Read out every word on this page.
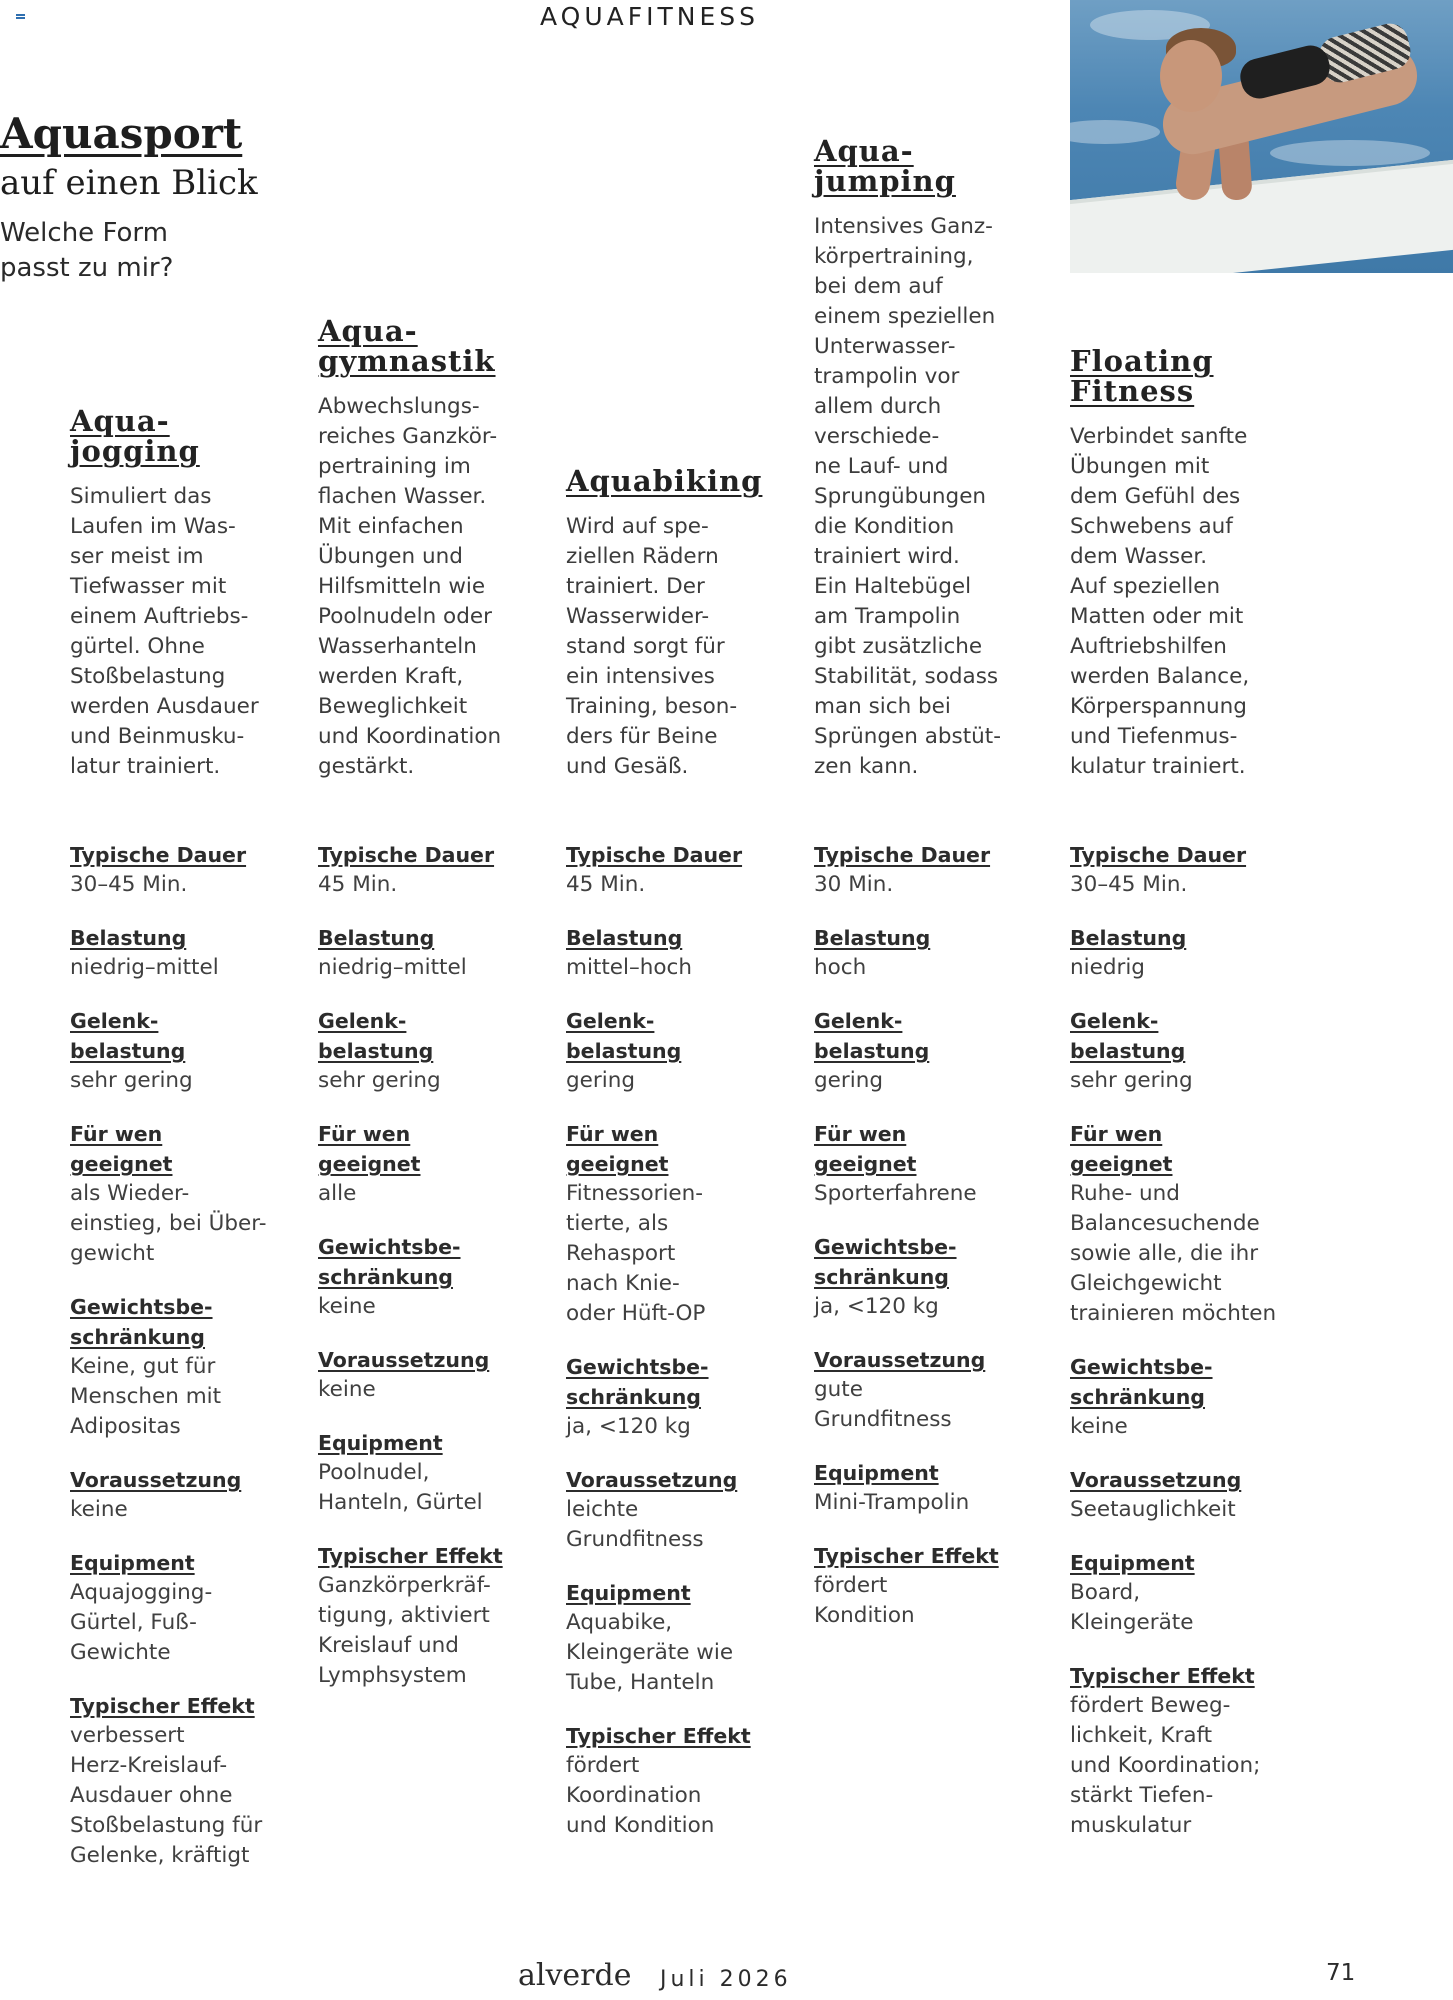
AQUAFITNESS
Aquasport
auf einen Blick
Welche Form
passt zu mir?
Aqua-
jogging
Simuliert das
Laufen im Was-
ser meist im
Tiefwasser mit
einem Auftriebs-
gürtel. Ohne
Stoßbelastung
werden Ausdauer
und Beinmusku-
latur trainiert.
Aqua-
gymnastik
Abwechslungs-
reiches Ganzkör-
pertraining im
flachen Wasser.
Mit einfachen
Übungen und
Hilfsmitteln wie
Poolnudeln oder
Wasserhanteln
werden Kraft,
Beweglichkeit
und Koordination
gestärkt.
Aquabiking
Wird auf spe-
ziellen Rädern
trainiert. Der
Wasserwider-
stand sorgt für
ein intensives
Training, beson-
ders für Beine
und Gesäß.
Aqua-
jumping
Intensives Ganz-
körpertraining,
bei dem auf
einem speziellen
Unterwasser-
trampolin vor
allem durch
verschiede-
ne Lauf- und
Sprungübungen
die Kondition
trainiert wird.
Ein Haltebügel
am Trampolin
gibt zusätzliche
Stabilität, sodass
man sich bei
Sprüngen abstüt-
zen kann.
Floating
Fitness
Verbindet sanfte
Übungen mit
dem Gefühl des
Schwebens auf
dem Wasser.
Auf speziellen
Matten oder mit
Auftriebshilfen
werden Balance,
Körperspannung
und Tiefenmus-
kulatur trainiert.
Typische Dauer
30–45 Min.
Belastung
niedrig–mittel
Gelenk-
belastung
sehr gering
Für wen
geeignet
als Wieder-
einstieg, bei Über-
gewicht
Gewichtsbe-
schränkung
Keine, gut für
Menschen mit
Adipositas
Voraussetzung
keine
Equipment
Aquajogging-
Gürtel, Fuß-
Gewichte
Typischer Effekt
verbessert
Herz-Kreislauf-
Ausdauer ohne
Stoßbelastung für
Gelenke, kräftigt
Typische Dauer
45 Min.
Belastung
niedrig–mittel
Gelenk-
belastung
sehr gering
Für wen
geeignet
alle
Gewichtsbe-
schränkung
keine
Voraussetzung
keine
Equipment
Poolnudel,
Hanteln, Gürtel
Typischer Effekt
Ganzkörperkräf-
tigung, aktiviert
Kreislauf und
Lymphsystem
Typische Dauer
45 Min.
Belastung
mittel–hoch
Gelenk-
belastung
gering
Für wen
geeignet
Fitnessorien-
tierte, als
Rehasport
nach Knie-
oder Hüft-OP
Gewichtsbe-
schränkung
ja, <120 kg
Voraussetzung
leichte
Grundfitness
Equipment
Aquabike,
Kleingeräte wie
Tube, Hanteln
Typischer Effekt
fördert
Koordination
und Kondition
Typische Dauer
30 Min.
Belastung
hoch
Gelenk-
belastung
gering
Für wen
geeignet
Sporterfahrene
Gewichtsbe-
schränkung
ja, <120 kg
Voraussetzung
gute
Grundfitness
Equipment
Mini-Trampolin
Typischer Effekt
fördert
Kondition
Typische Dauer
30–45 Min.
Belastung
niedrig
Gelenk-
belastung
sehr gering
Für wen
geeignet
Ruhe- und
Balancesuchende
sowie alle, die ihr
Gleichgewicht
trainieren möchten
Gewichtsbe-
schränkung
keine
Voraussetzung
Seetauglichkeit
Equipment
Board,
Kleingeräte
Typischer Effekt
fördert Beweg-
lichkeit, Kraft
und Koordination;
stärkt Tiefen-
muskulatur
alverde Juli 2026	71
